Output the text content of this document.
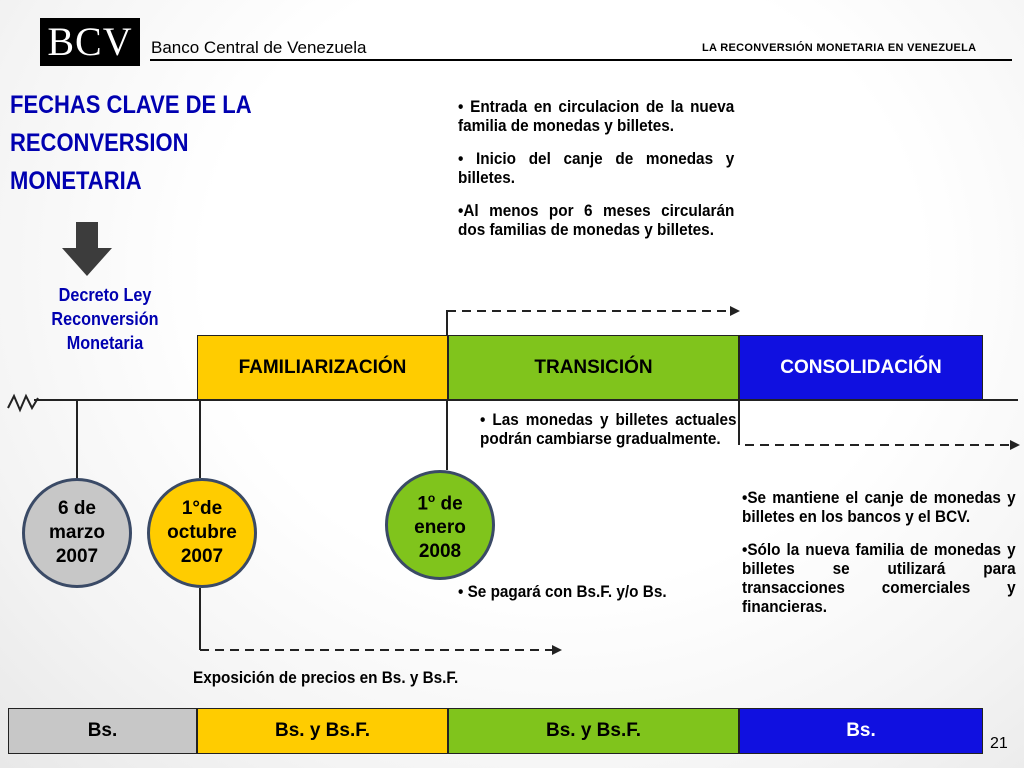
BCV	Banco Central de Venezuela	LA RECONVERSIÓN MONETARIA EN VENEZUELA
FECHAS CLAVE DE LA
RECONVERSION
MONETARIA
Decreto Ley
Reconversión
Monetaria

• Entrada en circulacion de la nueva familia de monedas y billetes.

• Inicio del canje de monedas y billetes.

•Al menos por 6 meses circularán dos familias de monedas y billetes.

FAMILIARIZACIÓN	TRANSICIÓN	CONSOLIDACIÓN

• Las monedas y billetes actuales podrán cambiarse gradualmente.

• Se pagará con Bs.F. y/o Bs.

•Se mantiene el canje de monedas y billetes en los bancos y el BCV.

•Sólo la nueva familia de monedas y billetes se utilizará para transacciones comerciales y financieras.

6 de
marzo
2007
1°de
octubre
2007
1$^o$ de
enero
2008
Exposición de precios en Bs. y Bs.F.
Bs.	Bs. y Bs.F.	Bs. y Bs.F.	Bs.
21
